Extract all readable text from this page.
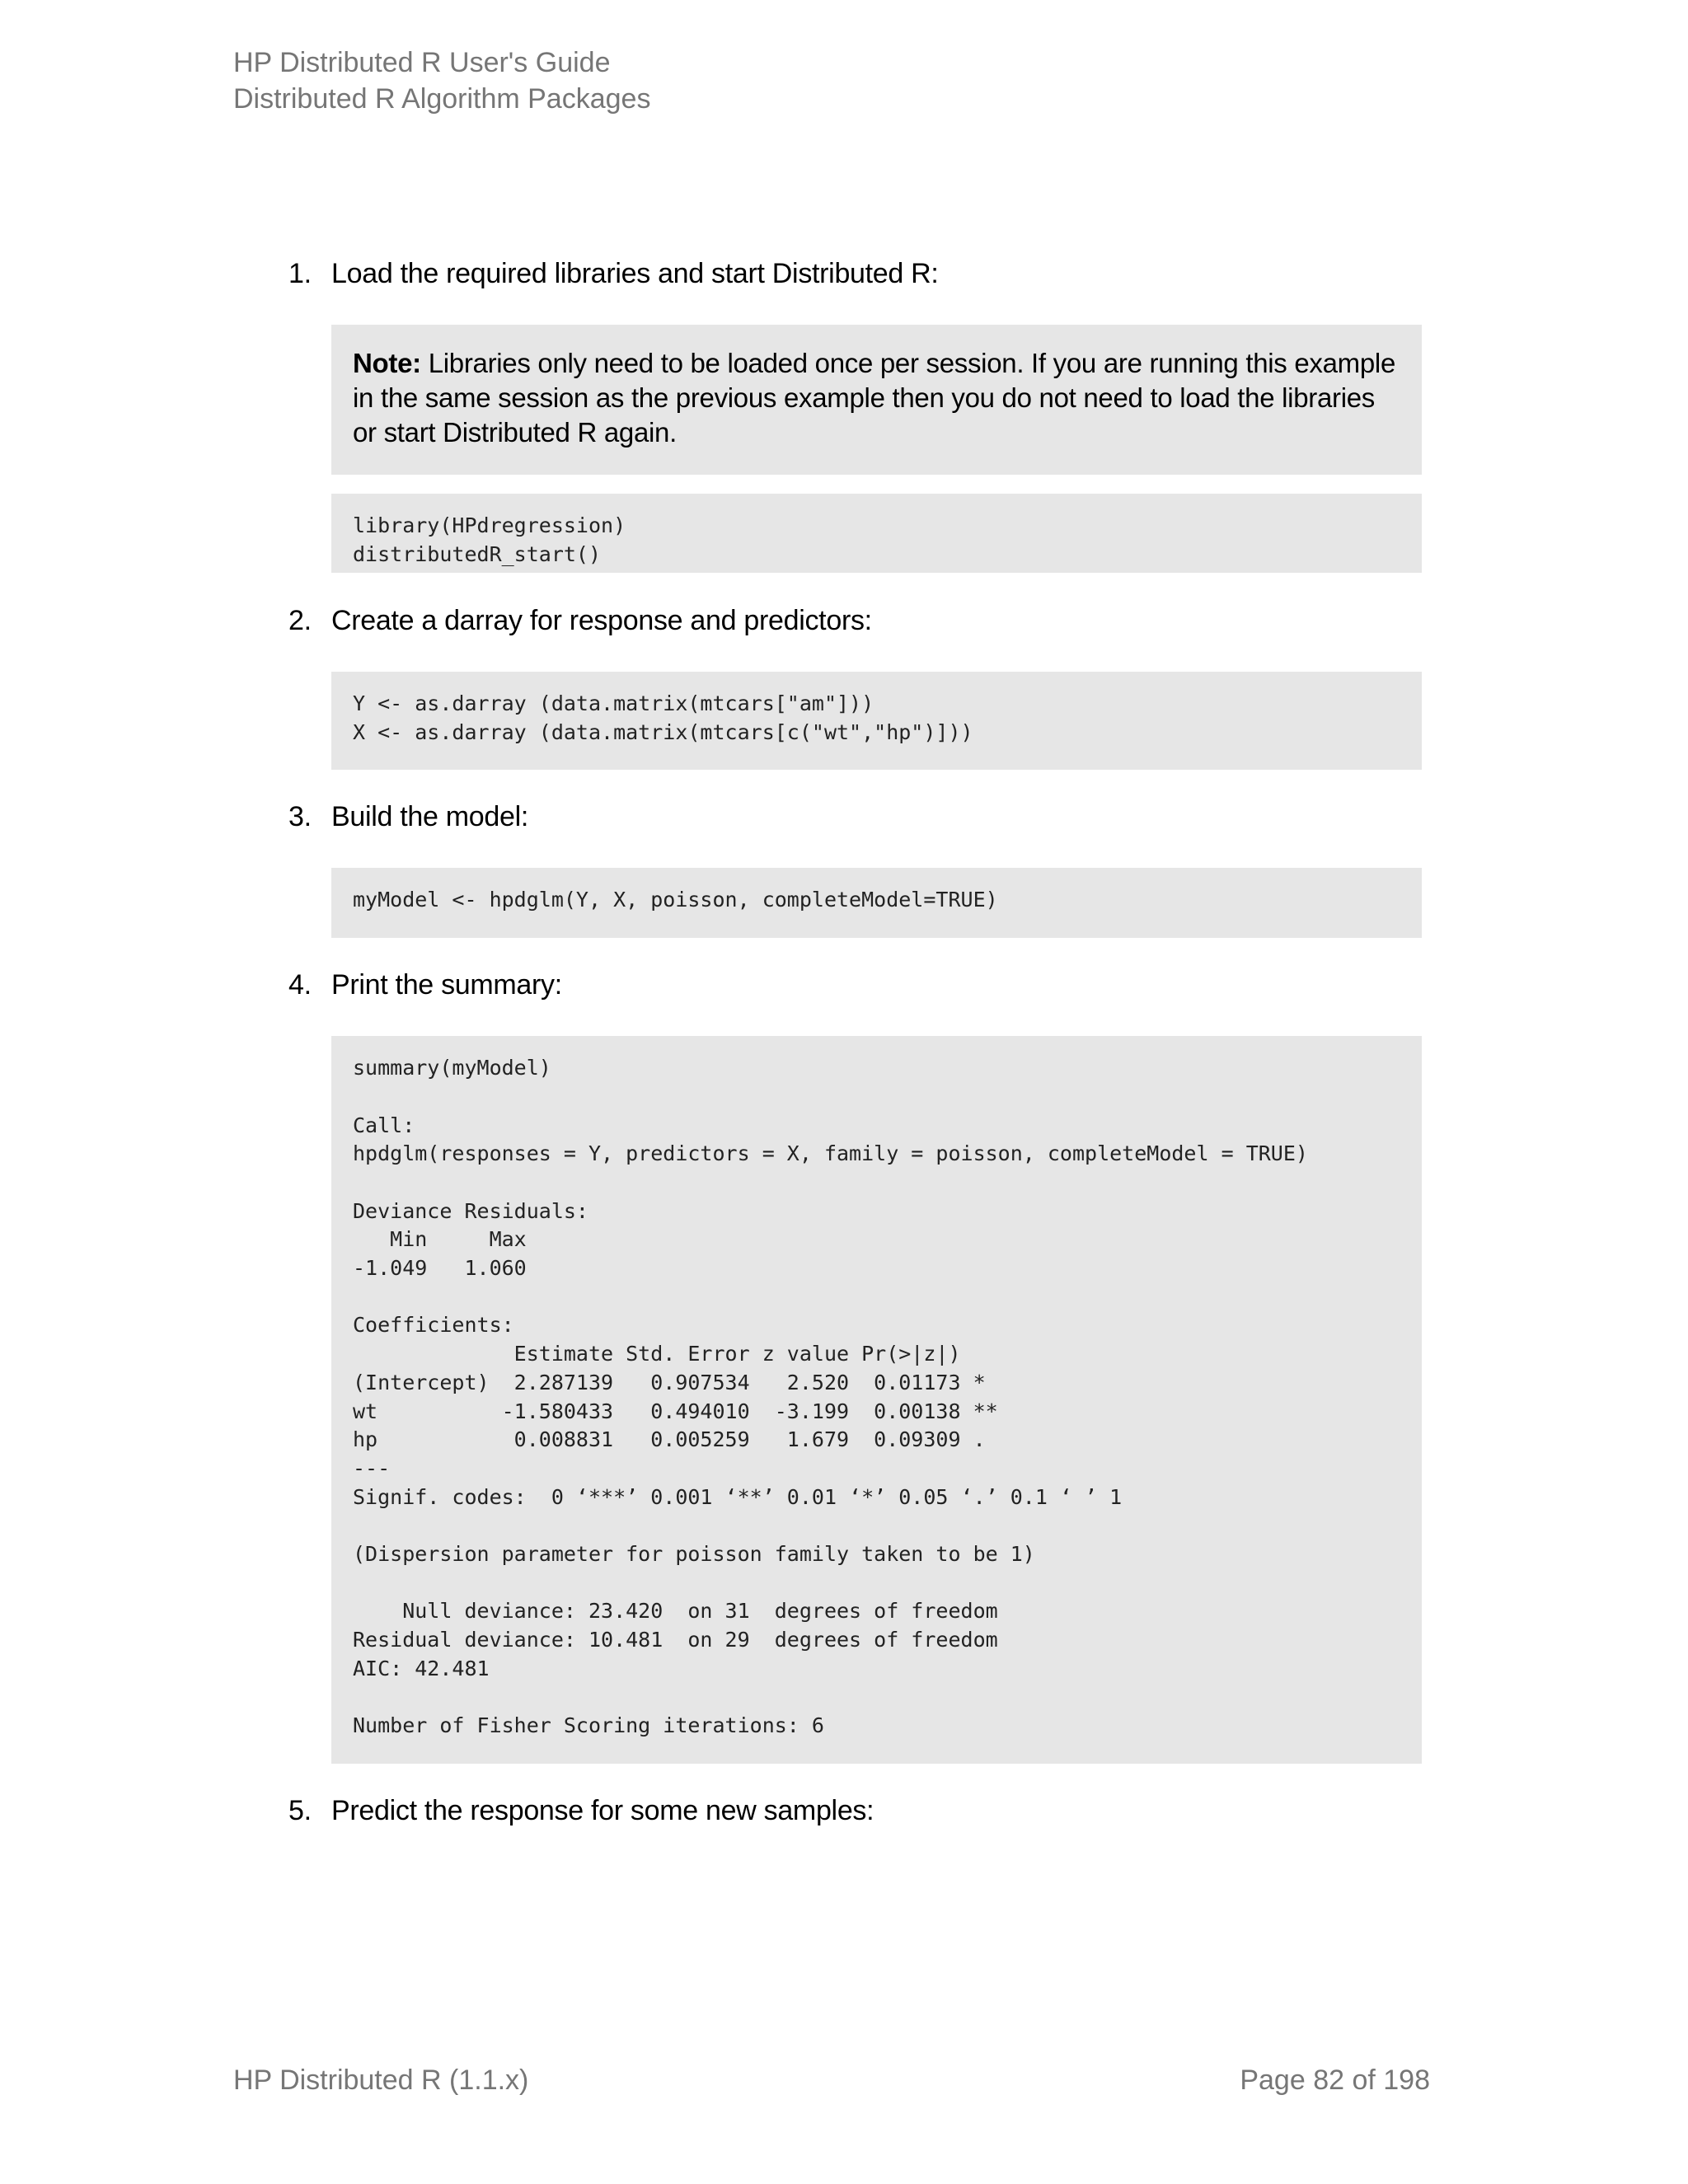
HP Distributed R User's Guide
Distributed R Algorithm Packages
1. Load the required libraries and start Distributed R:
Note: Libraries only need to be loaded once per session. If you are running this example in the same session as the previous example then you do not need to load the libraries or start Distributed R again.
library(HPdregression)
distributedR_start()

2. Create a darray for response and predictors:
Y <- as.darray (data.matrix(mtcars["am"]))
X <- as.darray (data.matrix(mtcars[c("wt","hp")]))
3. Build the model:
myModel <- hpdglm(Y, X, poisson, completeModel=TRUE)
4. Print the summary:
summary(myModel)

Call:
hpdglm(responses = Y, predictors = X, family = poisson, completeModel = TRUE)

Deviance Residuals:
Min     Max
-1.049   1.060

Coefficients:
Estimate Std. Error z value Pr(>|z|)
(Intercept)  2.287139   0.907534   2.520  0.01173 *
wt          -1.580433   0.494010  -3.199  0.00138 **
hp           0.008831   0.005259   1.679  0.09309 .
---
Signif. codes:  0 ‘***’ 0.001 ‘**’ 0.01 ‘*’ 0.05 ‘.’ 0.1 ‘ ’ 1

(Dispersion parameter for poisson family taken to be 1)

Null deviance: 23.420  on 31  degrees of freedom
Residual deviance: 10.481  on 29  degrees of freedom
AIC: 42.481

Number of Fisher Scoring iterations: 6
5. Predict the response for some new samples:
HP Distributed R (1.1.x)	Page 82 of 198
